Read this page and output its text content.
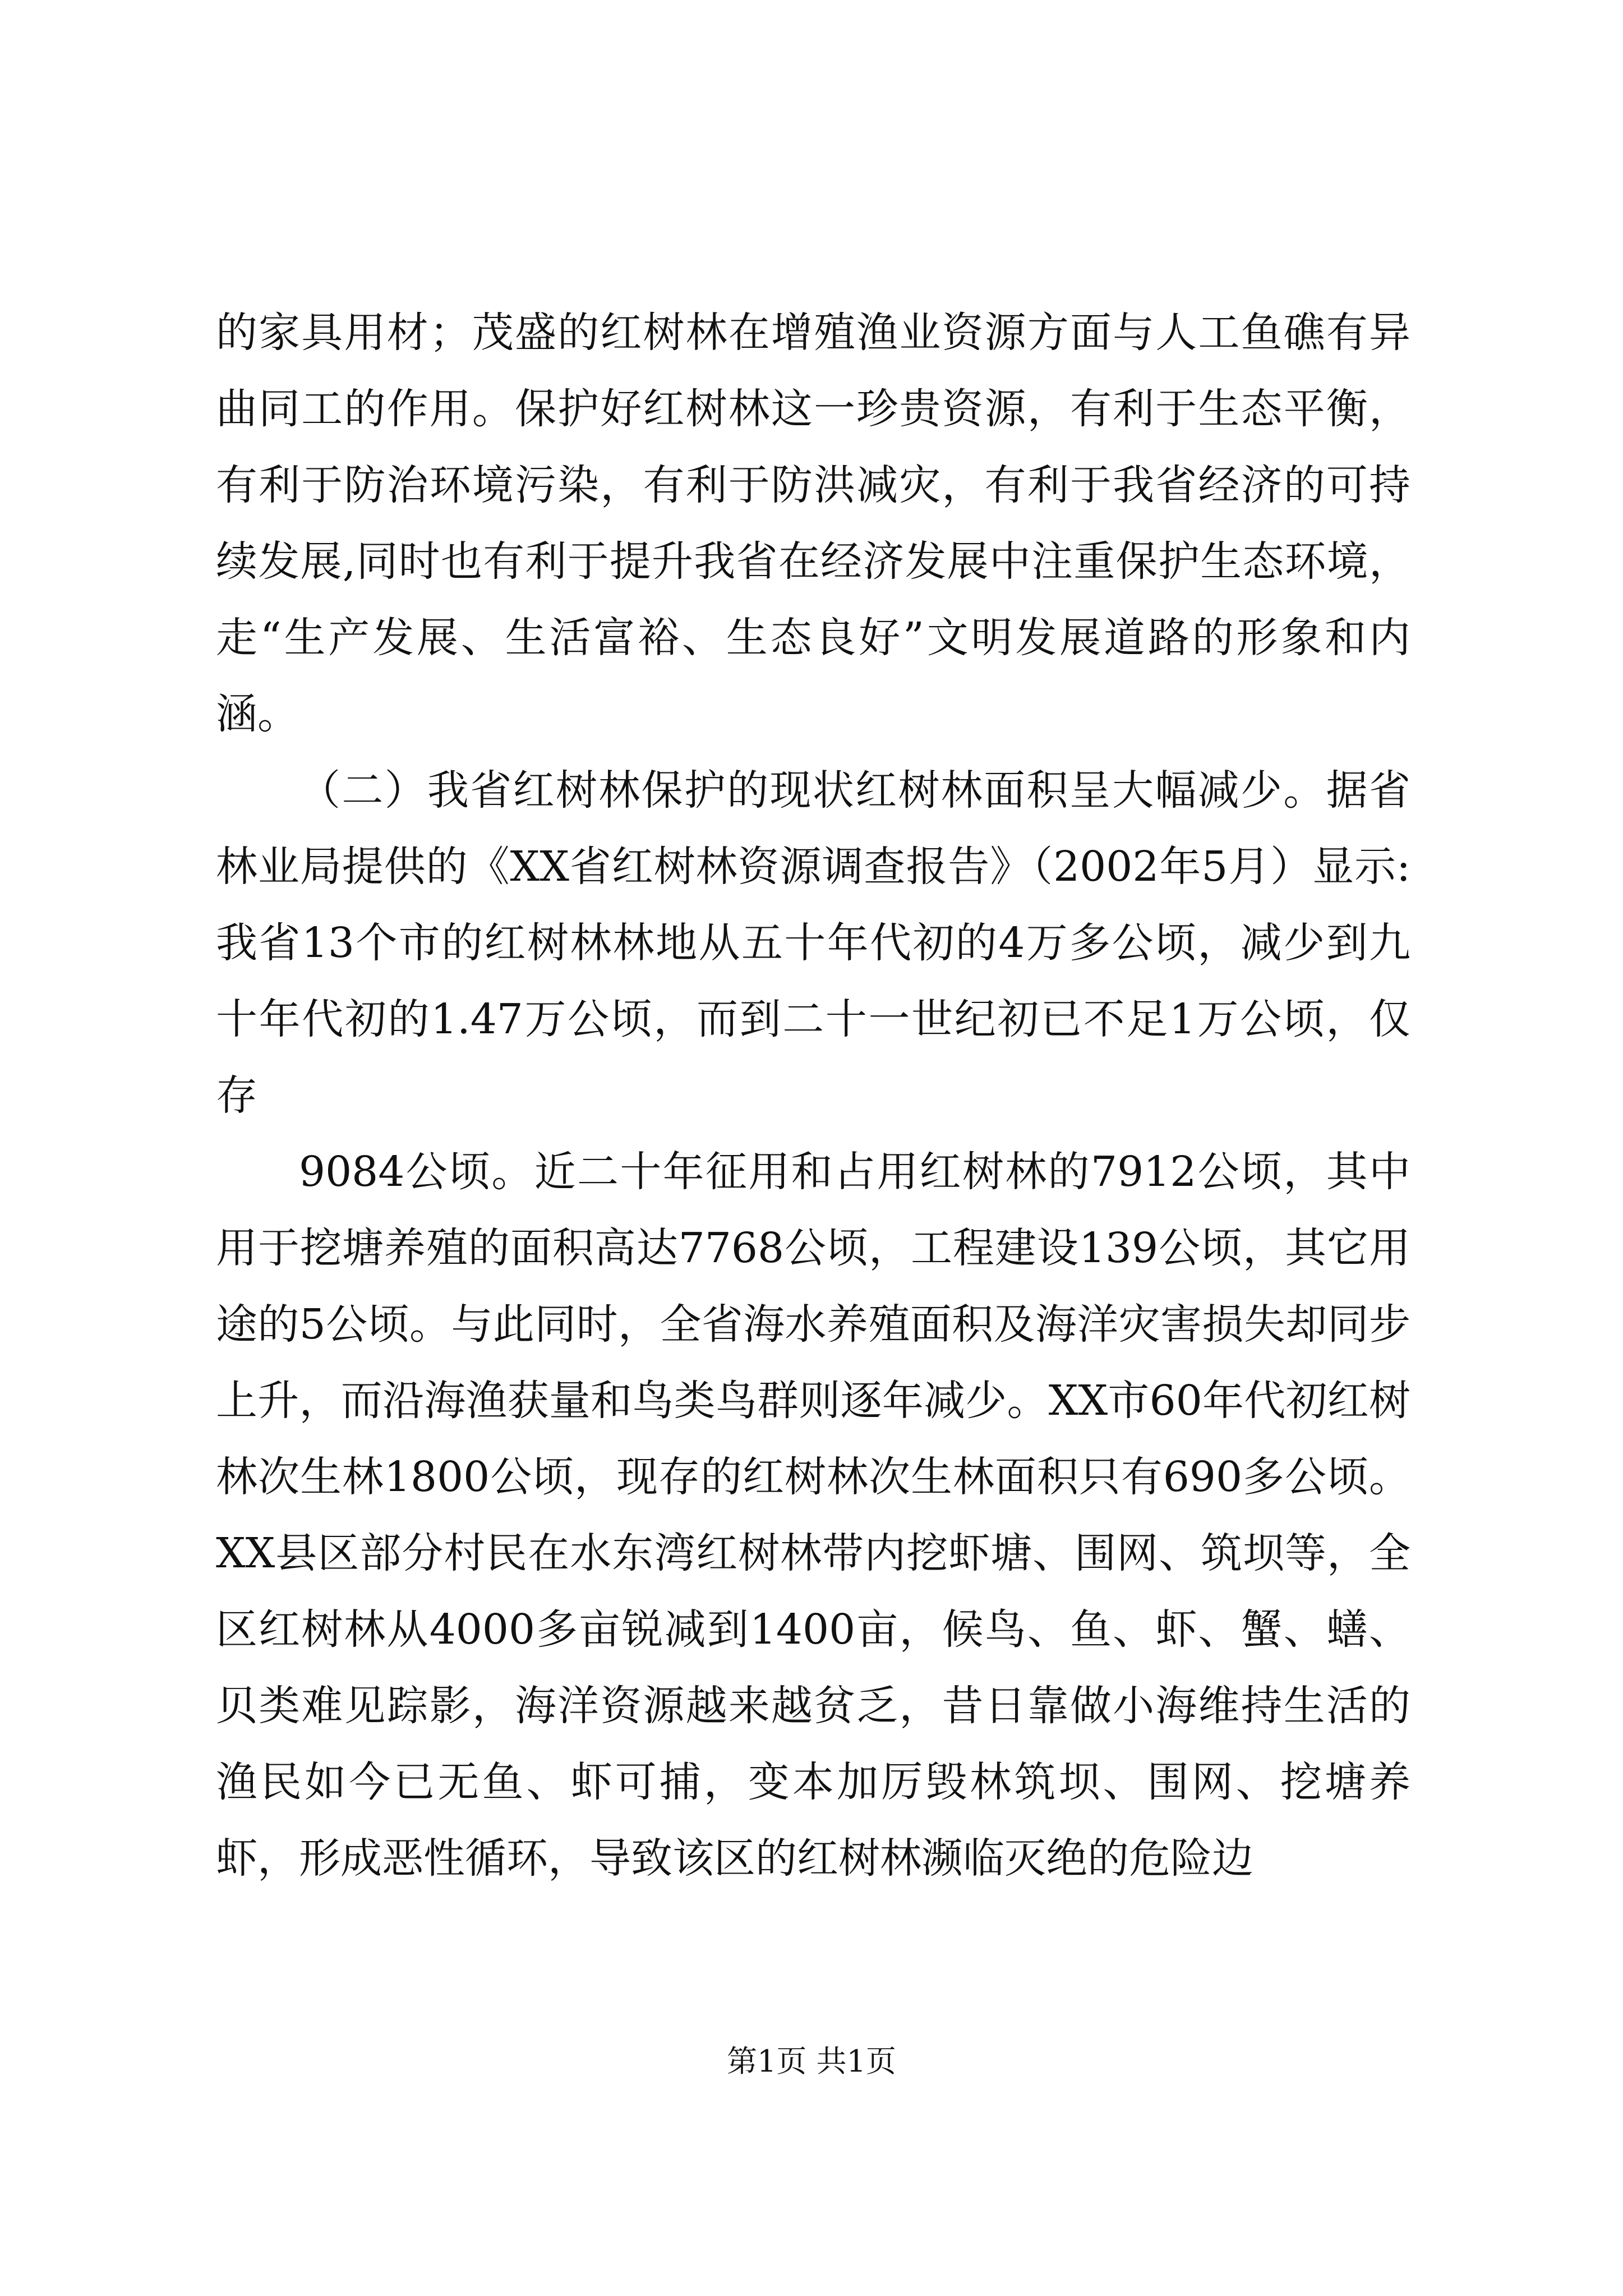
的家具用材；茂盛的红树林在增殖渔业资源方面与人工鱼礁有异曲同工的作用。保护好红树林这一珍贵资源，有利于生态平衡，有利于防治环境污染，有利于防洪减灾，有利于我省经济的可持续发展,同时也有利于提升我省在经济发展中注重保护生态环境，走“生产发展、生活富裕、生态良好”文明发展道路的形象和内涵。

（二）我省红树林保护的现状红树林面积呈大幅减少。据省林业局提供的《XX省红树林资源调查报告》（2002年5月）显示:我省13个市的红树林林地从五十年代初的4万多公顷，减少到九十年代初的1.47万公顷，而到二十一世纪初已不足1万公顷，仅存

9084公顷。近二十年征用和占用红树林的7912公顷，其中用于挖塘养殖的面积高达7768公顷，工程建设139公顷，其它用途的5公顷。与此同时，全省海水养殖面积及海洋灾害损失却同步上升，而沿海渔获量和鸟类鸟群则逐年减少。XX市60年代初红树林次生林1800公顷，现存的红树林次生林面积只有690多公顷。XX县区部分村民在水东湾红树林带内挖虾塘、围网、筑坝等，全区红树林从4000多亩锐减到1400亩，候鸟、鱼、虾、蟹、蟮、贝类难见踪影，海洋资源越来越贫乏，昔日靠做小海维持生活的渔民如今已无鱼、虾可捕，变本加厉毁林筑坝、围网、挖塘养虾，形成恶性循环，导致该区的红树林濒临灭绝的危险边

第1页 共1页
